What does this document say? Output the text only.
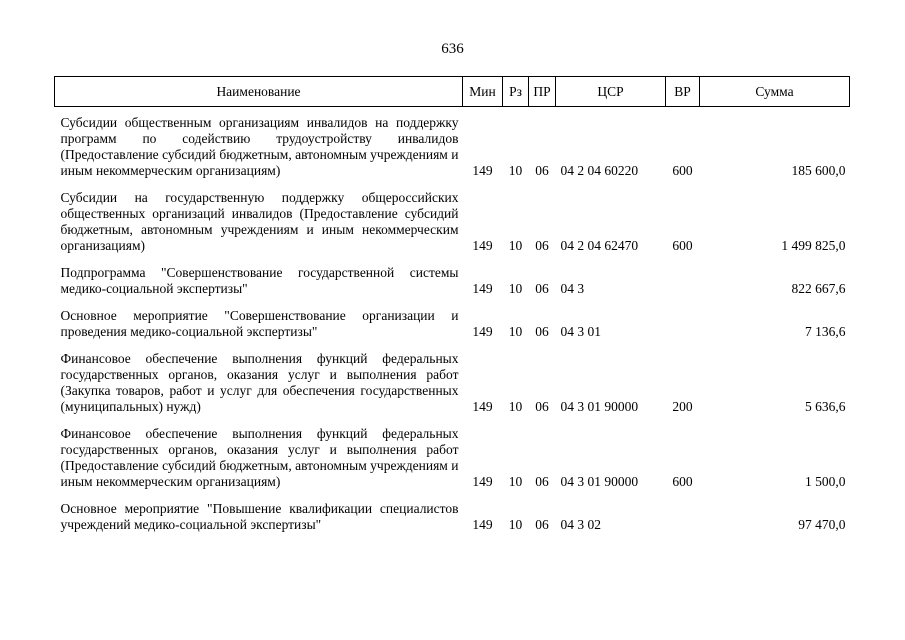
636
Наименование	Мин	Рз	ПР	ЦСР	ВР	Сумма
Субсидии общественным организациям инвалидов на поддержку программ по содействию трудоустройству инвалидов (Предоставление субсидий бюджетным, автономным учреждениям и иным некоммерческим организациям)	149	10	06	04 2 04 60220	600	185 600,0
Субсидии на государственную поддержку общероссийских общественных организаций инвалидов (Предоставление субсидий бюджетным, автономным учреждениям и иным некоммерческим организациям)	149	10	06	04 2 04 62470	600	1 499 825,0
Подпрограмма "Совершенствование государственной системы медико-социальной экспертизы"	149	10	06	04 3		822 667,6
Основное мероприятие "Совершенствование организации и проведения медико-социальной экспертизы"	149	10	06	04 3 01		7 136,6
Финансовое обеспечение выполнения функций федеральных государственных органов, оказания услуг и выполнения работ (Закупка товаров, работ и услуг для обеспечения государственных (муниципальных) нужд)	149	10	06	04 3 01 90000	200	5 636,6
Финансовое обеспечение выполнения функций федеральных государственных органов, оказания услуг и выполнения работ (Предоставление субсидий бюджетным, автономным учреждениям и иным некоммерческим организациям)	149	10	06	04 3 01 90000	600	1 500,0
Основное мероприятие "Повышение квалификации специалистов учреждений медико-социальной экспертизы"	149	10	06	04 3 02		97 470,0
